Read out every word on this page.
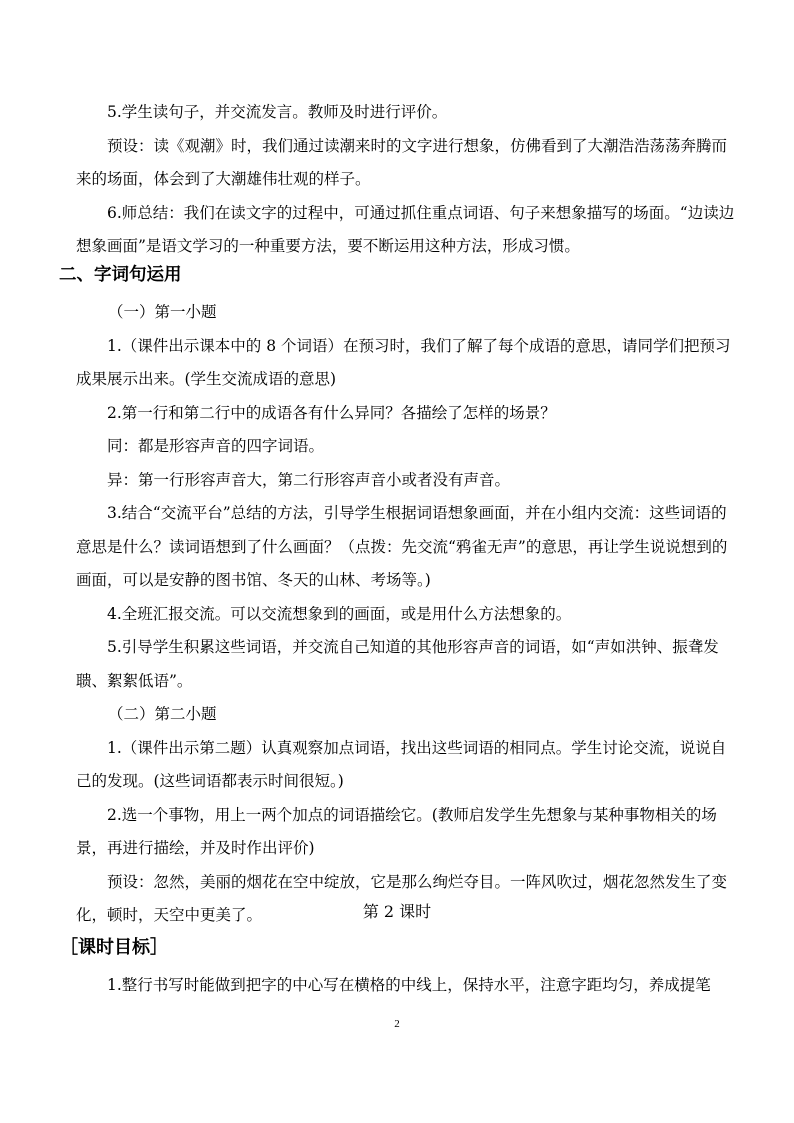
5.学生读句子，并交流发言。教师及时进行评价。

预设：读《观潮》时，我们通过读潮来时的文字进行想象，仿佛看到了大潮浩浩荡荡奔腾而来的场面，体会到了大潮雄伟壮观的样子。

6.师总结：我们在读文字的过程中，可通过抓住重点词语、句子来想象描写的场面。“边读边想象画面”是语文学习的一种重要方法，要不断运用这种方法，形成习惯。

二、字词句运用

（一）第一小题

1.（课件出示课本中的 8 个词语）在预习时，我们了解了每个成语的意思，请同学们把预习成果展示出来。(学生交流成语的意思)

2.第一行和第二行中的成语各有什么异同？各描绘了怎样的场景？

同：都是形容声音的四字词语。

异：第一行形容声音大，第二行形容声音小或者没有声音。

3.结合“交流平台”总结的方法，引导学生根据词语想象画面，并在小组内交流：这些词语的意思是什么？读词语想到了什么画面？（点拨：先交流“鸦雀无声”的意思，再让学生说说想到的画面，可以是安静的图书馆、冬天的山林、考场等。)

4.全班汇报交流。可以交流想象到的画面，或是用什么方法想象的。

5.引导学生积累这些词语，并交流自己知道的其他形容声音的词语，如“声如洪钟、振聋发聩、絮絮低语”。

（二）第二小题

1.（课件出示第二题）认真观察加点词语，找出这些词语的相同点。学生讨论交流，说说自己的发现。(这些词语都表示时间很短。)

2.选一个事物，用上一两个加点的词语描绘它。(教师启发学生先想象与某种事物相关的场景，再进行描绘，并及时作出评价)

预设：忽然，美丽的烟花在空中绽放，它是那么绚烂夺目。一阵风吹过，烟花忽然发生了变化，顿时，天空中更美了。	第 2 课时
［课时目标］

1.整行书写时能做到把字的中心写在横格的中线上，保持水平，注意字距均匀，养成提笔

2
